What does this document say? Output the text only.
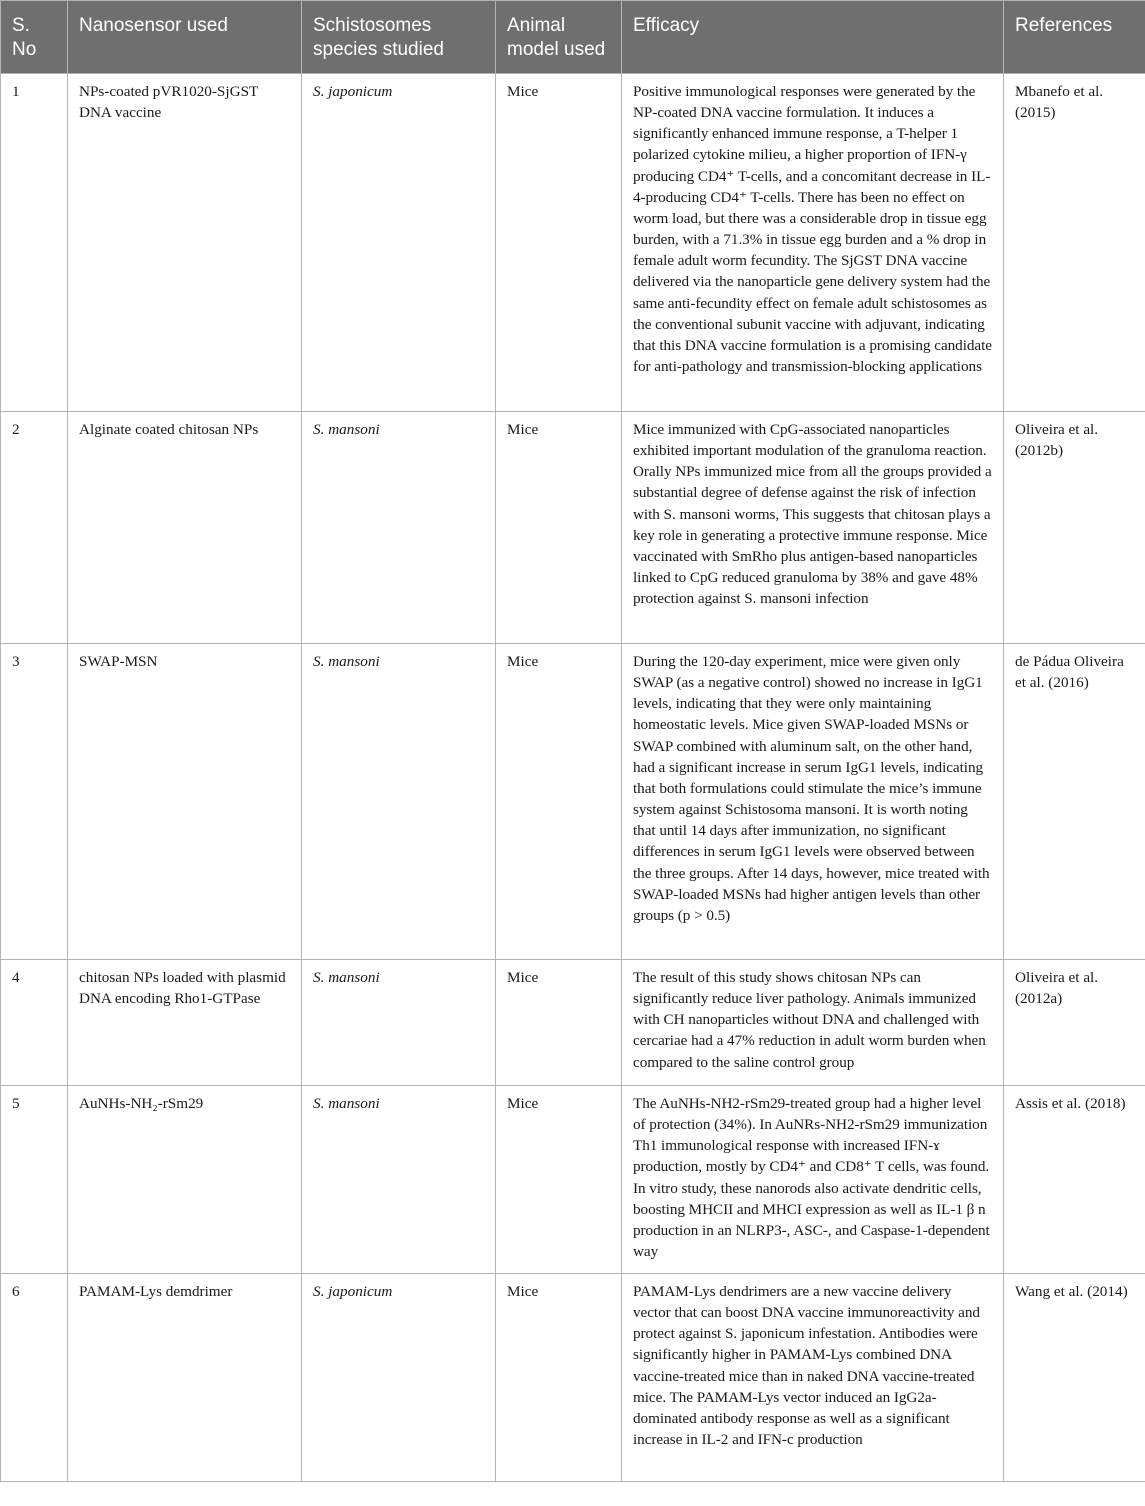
S. No	Nanosensor used	Schistosomes species studied	Animal model used	Efficacy	References
1	NPs-coated pVR1020-SjGST DNA vaccine	S. japonicum	Mice	Positive immunological responses were generated by the NP-coated DNA vaccine formulation. It induces a significantly enhanced immune response, a T-helper 1 polarized cytokine milieu, a higher proportion of IFN-γ producing CD4⁺ T-cells, and a concomitant decrease in IL-4-producing CD4⁺ T-cells. There has been no effect on worm load, but there was a considerable drop in tissue egg burden, with a 71.3% in tissue egg burden and a % drop in female adult worm fecundity. The SjGST DNA vaccine delivered via the nanoparticle gene delivery system had the same anti-fecundity effect on female adult schistosomes as the conventional subunit vaccine with adjuvant, indicating that this DNA vaccine formulation is a promising candidate for anti-pathology and transmission-blocking applications	Mbanefo et al. (2015)
2	Alginate coated chitosan NPs	S. mansoni	Mice	Mice immunized with CpG-associated nanoparticles exhibited important modulation of the granuloma reaction. Orally NPs immunized mice from all the groups provided a substantial degree of defense against the risk of infection with S. mansoni worms, This suggests that chitosan plays a key role in generating a protective immune response. Mice vaccinated with SmRho plus antigen-based nanoparticles linked to CpG reduced granuloma by 38% and gave 48% protection against S. mansoni infection	Oliveira et al. (2012b)
3	SWAP-MSN	S. mansoni	Mice	During the 120-day experiment, mice were given only SWAP (as a negative control) showed no increase in IgG1 levels, indicating that they were only maintaining homeostatic levels. Mice given SWAP-loaded MSNs or SWAP combined with aluminum salt, on the other hand, had a significant increase in serum IgG1 levels, indicating that both formulations could stimulate the mice’s immune system against Schistosoma mansoni. It is worth noting that until 14 days after immunization, no significant differences in serum IgG1 levels were observed between the three groups. After 14 days, however, mice treated with SWAP-loaded MSNs had higher antigen levels than other groups (p > 0.5)	de Pádua Oliveira et al. (2016)
4	chitosan NPs loaded with plasmid DNA encoding Rho1-GTPase	S. mansoni	Mice	The result of this study shows chitosan NPs can significantly reduce liver pathology. Animals immunized with CH nanoparticles without DNA and challenged with cercariae had a 47% reduction in adult worm burden when compared to the saline control group	Oliveira et al. (2012a)
5	AuNHs-NH₂-rSm29	S. mansoni	Mice	The AuNHs-NH2-rSm29-treated group had a higher level of protection (34%). In AuNRs-NH2-rSm29 immunization Th1 immunological response with increased IFN-ɤ production, mostly by CD4⁺ and CD8⁺ T cells, was found. In vitro study, these nanorods also activate dendritic cells, boosting MHCII and MHCI expression as well as IL-1 β n production in an NLRP3-, ASC-, and Caspase-1-dependent way	Assis et al. (2018)
6	PAMAM-Lys demdrimer	S. japonicum	Mice	PAMAM-Lys dendrimers are a new vaccine delivery vector that can boost DNA vaccine immunoreactivity and protect against S. japonicum infestation. Antibodies were significantly higher in PAMAM-Lys combined DNA vaccine-treated mice than in naked DNA vaccine-treated mice. The PAMAM-Lys vector induced an IgG2a-dominated antibody response as well as a significant increase in IL-2 and IFN-c production	Wang et al. (2014)
